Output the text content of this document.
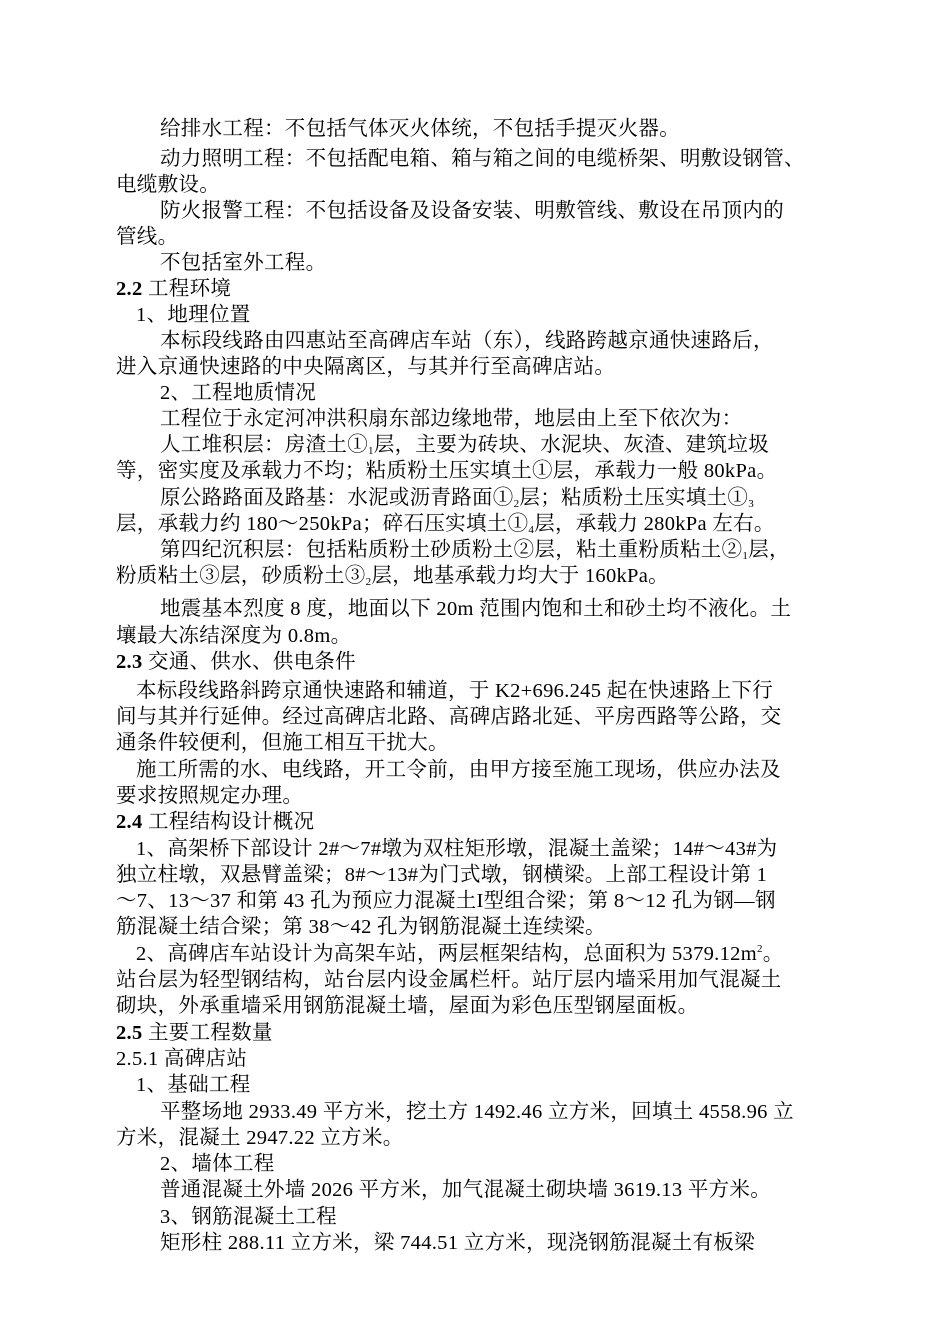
给排水工程：不包括气体灭火体统，不包括手提灭火器。
动力照明工程：不包括配电箱、箱与箱之间的电缆桥架、明敷设钢管、
电缆敷设。
防火报警工程：不包括设备及设备安装、明敷管线、敷设在吊顶内的
管线。
不包括室外工程。
2.2 工程环境
1、地理位置
本标段线路由四惠站至高碑店车站（东），线路跨越京通快速路后，
进入京通快速路的中央隔离区，与其并行至高碑店站。
2、工程地质情况
工程位于永定河冲洪积扇东部边缘地带，地层由上至下依次为：
人工堆积层：房渣土$①_1$层，主要为砖块、水泥块、灰渣、建筑垃圾
等，密实度及承载力不均；粘质粉土压实填土①层，承载力一般 80kPa。
原公路路面及路基：水泥或沥青路面$①_2$层；粘质粉土压实填土$①_3$
层，承载力约 180～250kPa；碎石压实填土$①_4$层，承载力 280kPa 左右。
第四纪沉积层：包括粘质粉土砂质粉土②层，粘土重粉质粘土$②_1$层，
粉质粘土③层，砂质粉土$③_2$层，地基承载力均大于 160kPa。
地震基本烈度 8 度，地面以下 20m 范围内饱和土和砂土均不液化。土
壤最大冻结深度为 0.8m。
2.3 交通、供水、供电条件
本标段线路斜跨京通快速路和辅道，于 K2+696.245 起在快速路上下行
间与其并行延伸。经过高碑店北路、高碑店路北延、平房西路等公路，交
通条件较便利，但施工相互干扰大。
施工所需的水、电线路，开工令前，由甲方接至施工现场，供应办法及
要求按照规定办理。
2.4 工程结构设计概况
1、高架桥下部设计 2#～7#墩为双柱矩形墩，混凝土盖梁；14#～43#为
独立柱墩，双悬臂盖梁；8#～13#为门式墩，钢横梁。上部工程设计第 1
～7、13～37 和第 43 孔为预应力混凝土I型组合梁；第 8～12 孔为钢—钢
筋混凝土结合梁；第 38～42 孔为钢筋混凝土连续梁。
2、高碑店车站设计为高架车站，两层框架结构，总面积为 $5379.12m^2$。
站台层为轻型钢结构，站台层内设金属栏杆。站厅层内墙采用加气混凝土
砌块，外承重墙采用钢筋混凝土墙，屋面为彩色压型钢屋面板。
2.5 主要工程数量
2.5.1 高碑店站
1、基础工程
平整场地 2933.49 平方米，挖土方 1492.46 立方米，回填土 4558.96 立
方米，混凝土 2947.22 立方米。
2、墙体工程
普通混凝土外墙 2026 平方米，加气混凝土砌块墙 3619.13 平方米。
3、钢筋混凝土工程
矩形柱 288.11 立方米，梁 744.51 立方米，现浇钢筋混凝土有板梁
